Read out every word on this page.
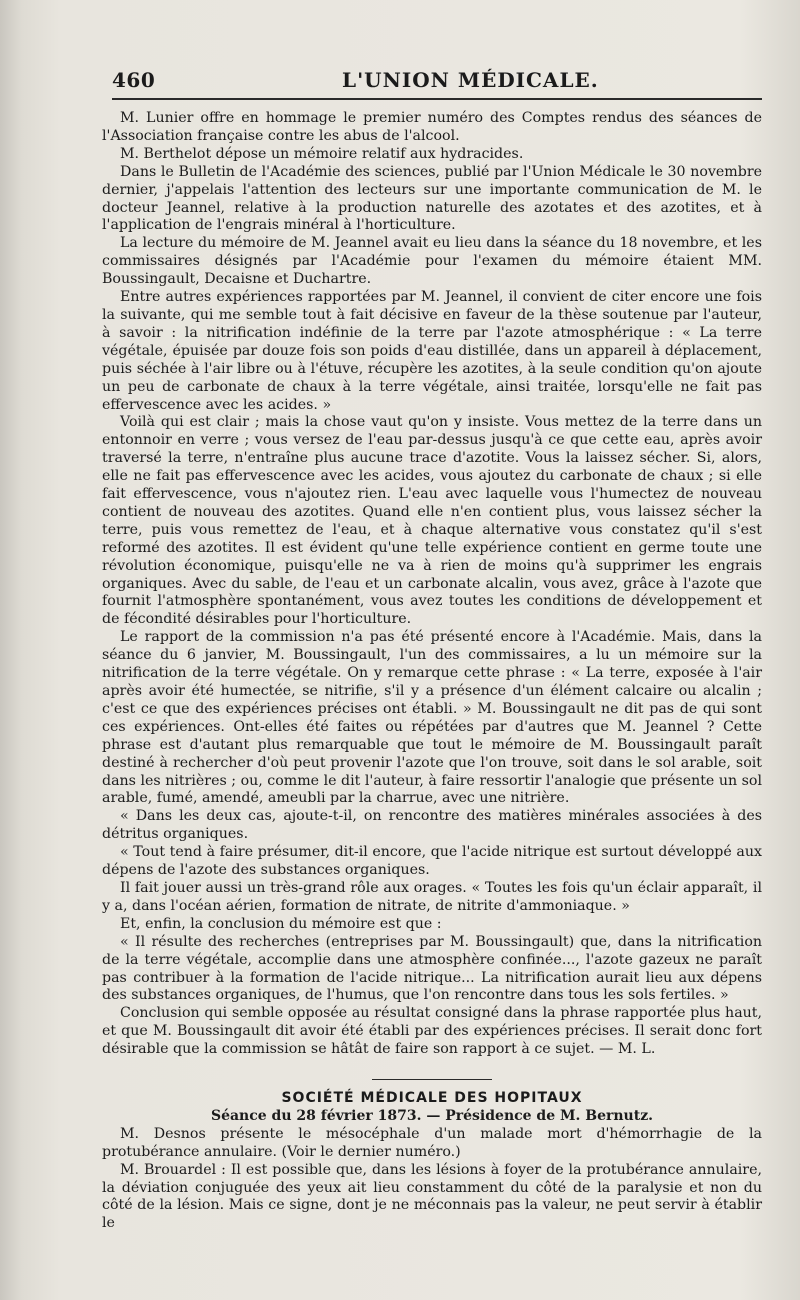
460	L'UNION MÉDICALE.

M. Lunier offre en hommage le premier numéro des Comptes rendus des séances de l'Association française contre les abus de l'alcool.

M. Berthelot dépose un mémoire relatif aux hydracides.

Dans le Bulletin de l'Académie des sciences, publié par l'Union Médicale le 30 novembre dernier, j'appelais l'attention des lecteurs sur une importante communication de M. le docteur Jeannel, relative à la production naturelle des azotates et des azotites, et à l'application de l'engrais minéral à l'horticulture.

La lecture du mémoire de M. Jeannel avait eu lieu dans la séance du 18 novembre, et les commissaires désignés par l'Académie pour l'examen du mémoire étaient MM. Boussingault, Decaisne et Duchartre.

Entre autres expériences rapportées par M. Jeannel, il convient de citer encore une fois la suivante, qui me semble tout à fait décisive en faveur de la thèse soutenue par l'auteur, à savoir : la nitrification indéfinie de la terre par l'azote atmosphérique : « La terre végétale, épuisée par douze fois son poids d'eau distillée, dans un appareil à déplacement, puis séchée à l'air libre ou à l'étuve, récupère les azotites, à la seule condition qu'on ajoute un peu de carbonate de chaux à la terre végétale, ainsi traitée, lorsqu'elle ne fait pas effervescence avec les acides. »

Voilà qui est clair ; mais la chose vaut qu'on y insiste. Vous mettez de la terre dans un entonnoir en verre ; vous versez de l'eau par-dessus jusqu'à ce que cette eau, après avoir traversé la terre, n'entraîne plus aucune trace d'azotite. Vous la laissez sécher. Si, alors, elle ne fait pas effervescence avec les acides, vous ajoutez du carbonate de chaux ; si elle fait effervescence, vous n'ajoutez rien. L'eau avec laquelle vous l'humectez de nouveau contient de nouveau des azotites. Quand elle n'en contient plus, vous laissez sécher la terre, puis vous remettez de l'eau, et à chaque alternative vous constatez qu'il s'est reformé des azotites. Il est évident qu'une telle expérience contient en germe toute une révolution économique, puisqu'elle ne va à rien de moins qu'à supprimer les engrais organiques. Avec du sable, de l'eau et un carbonate alcalin, vous avez, grâce à l'azote que fournit l'atmosphère spontanément, vous avez toutes les conditions de développement et de fécondité désirables pour l'horticulture.

Le rapport de la commission n'a pas été présenté encore à l'Académie. Mais, dans la séance du 6 janvier, M. Boussingault, l'un des commissaires, a lu un mémoire sur la nitrification de la terre végétale. On y remarque cette phrase : « La terre, exposée à l'air après avoir été humectée, se nitrifie, s'il y a présence d'un élément calcaire ou alcalin ; c'est ce que des expériences précises ont établi. » M. Boussingault ne dit pas de qui sont ces expériences. Ont-elles été faites ou répétées par d'autres que M. Jeannel ? Cette phrase est d'autant plus remarquable que tout le mémoire de M. Boussingault paraît destiné à rechercher d'où peut provenir l'azote que l'on trouve, soit dans le sol arable, soit dans les nitrières ; ou, comme le dit l'auteur, à faire ressortir l'analogie que présente un sol arable, fumé, amendé, ameubli par la charrue, avec une nitrière.

« Dans les deux cas, ajoute-t-il, on rencontre des matières minérales associées à des détritus organiques.

« Tout tend à faire présumer, dit-il encore, que l'acide nitrique est surtout développé aux dépens de l'azote des substances organiques.

Il fait jouer aussi un très-grand rôle aux orages. « Toutes les fois qu'un éclair apparaît, il y a, dans l'océan aérien, formation de nitrate, de nitrite d'ammoniaque. »

Et, enfin, la conclusion du mémoire est que :

« Il résulte des recherches (entreprises par M. Boussingault) que, dans la nitrification de la terre végétale, accomplie dans une atmosphère confinée..., l'azote gazeux ne paraît pas contribuer à la formation de l'acide nitrique... La nitrification aurait lieu aux dépens des substances organiques, de l'humus, que l'on rencontre dans tous les sols fertiles. »

Conclusion qui semble opposée au résultat consigné dans la phrase rapportée plus haut, et que M. Boussingault dit avoir été établi par des expériences précises. Il serait donc fort désirable que la commission se hâtât de faire son rapport à ce sujet. — M. L.

SOCIÉTÉ MÉDICALE DES HOPITAUX

Séance du 28 février 1873. — Présidence de M. Bernutz.

M. Desnos présente le mésocéphale d'un malade mort d'hémorrhagie de la protubérance annulaire. (Voir le dernier numéro.)

M. Brouardel : Il est possible que, dans les lésions à foyer de la protubérance annulaire, la déviation conjuguée des yeux ait lieu constamment du côté de la paralysie et non du côté de la lésion. Mais ce signe, dont je ne méconnais pas la valeur, ne peut servir à établir le
